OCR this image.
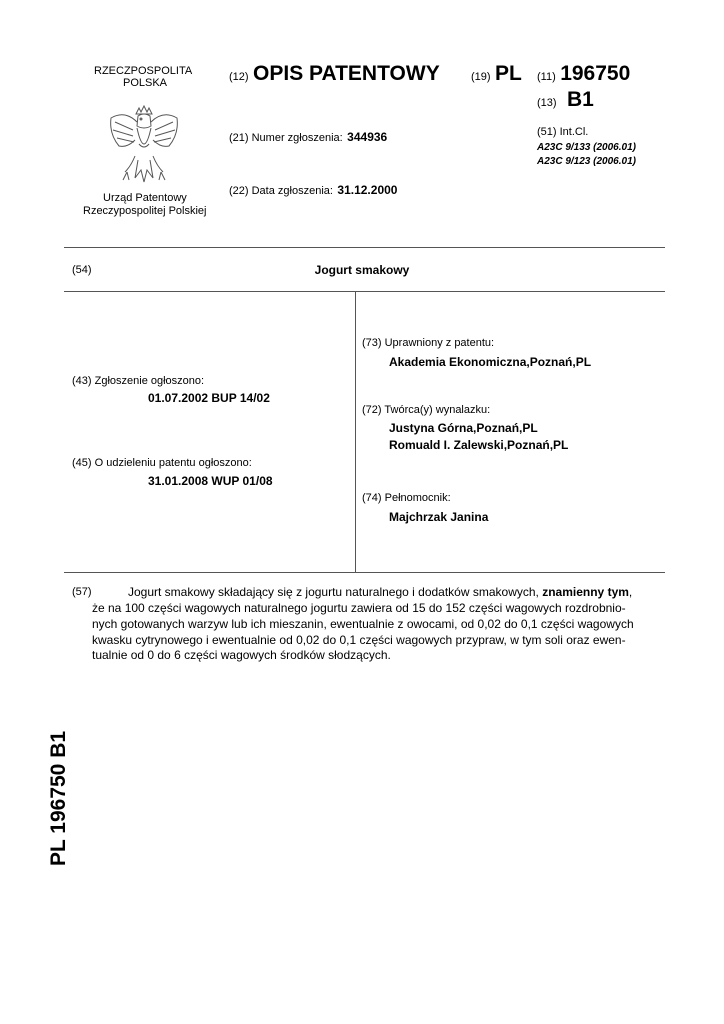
RZECZPOSPOLITA
POLSKA
Urząd Patentowy
Rzeczypospolitej Polskiej
(12) OPIS PATENTOWY	(19) PL (11) 196750
(13) B1
(21) Numer zgłoszenia: 344936
(22) Data zgłoszenia: 31.12.2000
(51) Int.Cl.
A23C 9/133 (2006.01)
A23C 9/123 (2006.01)
(54)	Jogurt smakowy
(43) Zgłoszenie ogłoszono:
01.07.2002 BUP 14/02
(45) O udzieleniu patentu ogłoszono:
31.01.2008 WUP 01/08
(73) Uprawniony z patentu:
Akademia Ekonomiczna,Poznań,PL
(72) Twórca(y) wynalazku:
Justyna Górna,Poznań,PL
Romuald I. Zalewski,Poznań,PL
(74) Pełnomocnik:
Majchrzak Janina
(57)	Jogurt smakowy składający się z jogurtu naturalnego i dodatków smakowych, znamienny tym,
że na 100 części wagowych naturalnego jogurtu zawiera od 15 do 152 części wagowych rozdrobnio-
nych gotowanych warzyw lub ich mieszanin, ewentualnie z owocami, od 0,02 do 0,1 części wagowych
kwasku cytrynowego i ewentualnie od 0,02 do 0,1 części wagowych przypraw, w tym soli oraz ewen-
tualnie od 0 do 6 części wagowych środków słodzących.
PL 196750 B1
